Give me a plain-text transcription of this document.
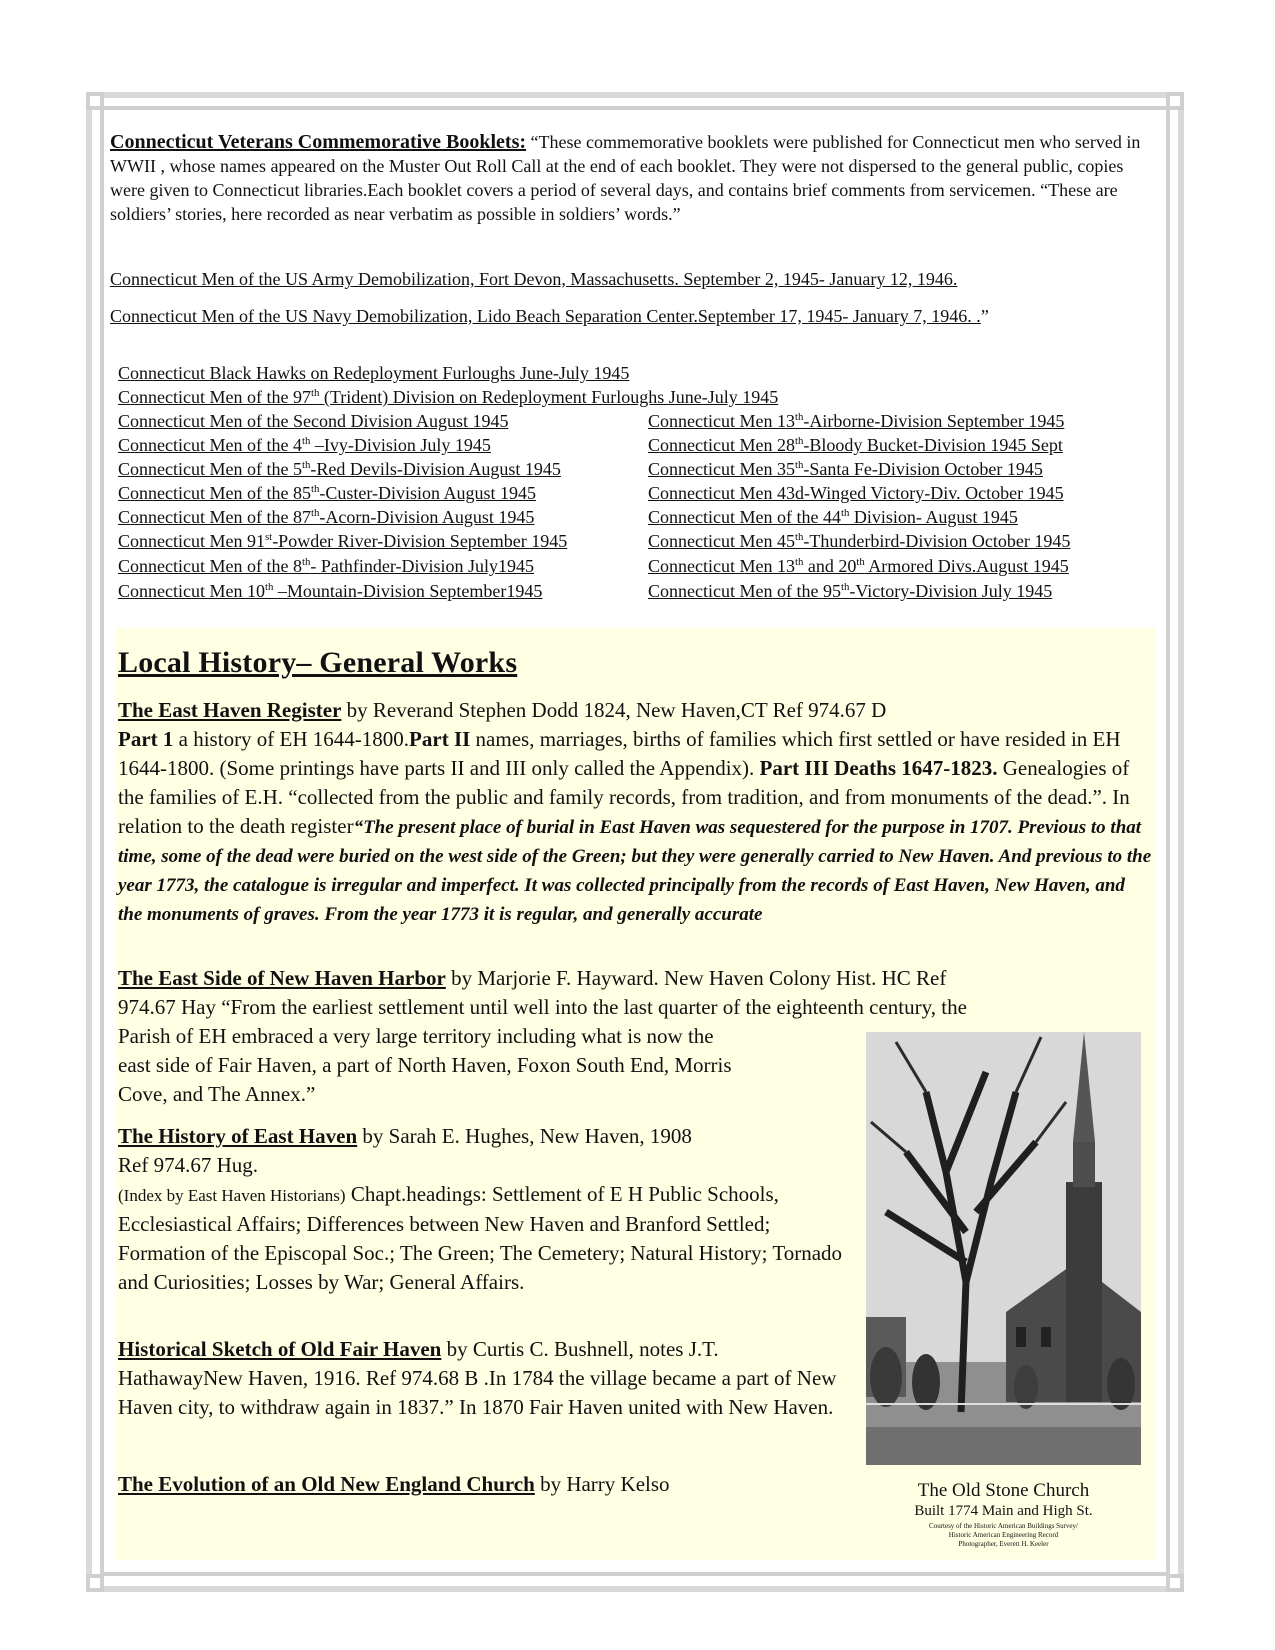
Connecticut Veterans Commemorative Booklets: “These commemorative booklets were published for Connecticut men who served in WWII , whose names appeared on the Muster Out Roll Call at the end of each booklet. They were not dispersed to the general public, copies were given to Connecticut libraries.Each booklet covers a period of several days, and contains brief comments from servicemen. “These are soldiers’ stories, here recorded as near verbatim as possible in soldiers’ words.”
Connecticut Men of the US Army Demobilization, Fort Devon, Massachusetts. September 2, 1945- January 12, 1946.
Connecticut Men of the US Navy Demobilization, Lido Beach Separation Center.September 17, 1945- January 7, 1946. .”
Connecticut Black Hawks on Redeployment Furloughs June-July 1945
Connecticut Men of the 97th (Trident) Division on Redeployment Furloughs June-July 1945
Connecticut Men of the Second Division August 1945
Connecticut Men of the 4th –Ivy-Division July 1945
Connecticut Men of the 5th-Red Devils-Division August 1945
Connecticut Men of the 85th-Custer-Division August 1945
Connecticut Men of the 87th-Acorn-Division August 1945
Connecticut Men 91st-Powder River-Division September 1945
Connecticut Men of the 8th- Pathfinder-Division July1945
Connecticut Men 10th –Mountain-Division September1945
Connecticut Men 13th-Airborne-Division September 1945
Connecticut Men 28th-Bloody Bucket-Division 1945 Sept
Connecticut Men 35th-Santa Fe-Division October 1945
Connecticut Men 43d-Winged Victory-Div. October 1945
Connecticut Men of the 44th Division- August 1945
Connecticut Men 45th-Thunderbird-Division October 1945
Connecticut Men 13th and 20th Armored Divs.August 1945
Connecticut Men of the 95th-Victory-Division July 1945
Local History– General Works
The East Haven Register by Reverand Stephen Dodd 1824, New Haven,CT Ref 974.67 D
Part 1 a history of EH 1644-1800.Part II names, marriages, births of families which first settled or have resided in EH 1644-1800. (Some printings have parts II and III only called the Appendix). Part III Deaths 1647-1823. Genealogies of the families of E.H. “collected from the public and family records, from tradition, and from monuments of the dead.”. In relation to the death register“The present place of burial in East Haven was sequestered for the purpose in 1707. Previous to that time, some of the dead were buried on the west side of the Green; but they were generally carried to New Haven. And previous to the year 1773, the catalogue is irregular and imperfect. It was collected principally from the records of East Haven, New Haven, and the monuments of graves. From the year 1773 it is regular, and generally accurate
The East Side of New Haven Harbor by Marjorie F. Hayward. New Haven Colony Hist. HC Ref
974.67 Hay “From the earliest settlement until well into the last quarter of the eighteenth century, the
Parish of EH embraced a very large territory including what is now the
east side of Fair Haven, a part of North Haven, Foxon South End, Morris
Cove, and The Annex.”
The History of East Haven by Sarah E. Hughes, New Haven, 1908
Ref 974.67 Hug.
(Index by East Haven Historians) Chapt.headings: Settlement of E H Public Schools, Ecclesiastical Affairs; Differences between New Haven and Branford Settled; Formation of the Episcopal Soc.; The Green; The Cemetery; Natural History; Tornado and Curiosities; Losses by War; General Affairs.
Historical Sketch of Old Fair Haven by Curtis C. Bushnell, notes J.T.
HathawayNew Haven, 1916. Ref 974.68 B .In 1784 the village became a part of New Haven city, to withdraw again in 1837.” In 1870 Fair Haven united with New Haven.
The Evolution of an Old New England Church by Harry Kelso	The Old Stone Church
Built 1774 Main and High St.
Courtesy of the Historic American Buildings Survey/
Historic American Engineering Record
Photographer, Everett H. Keeler
